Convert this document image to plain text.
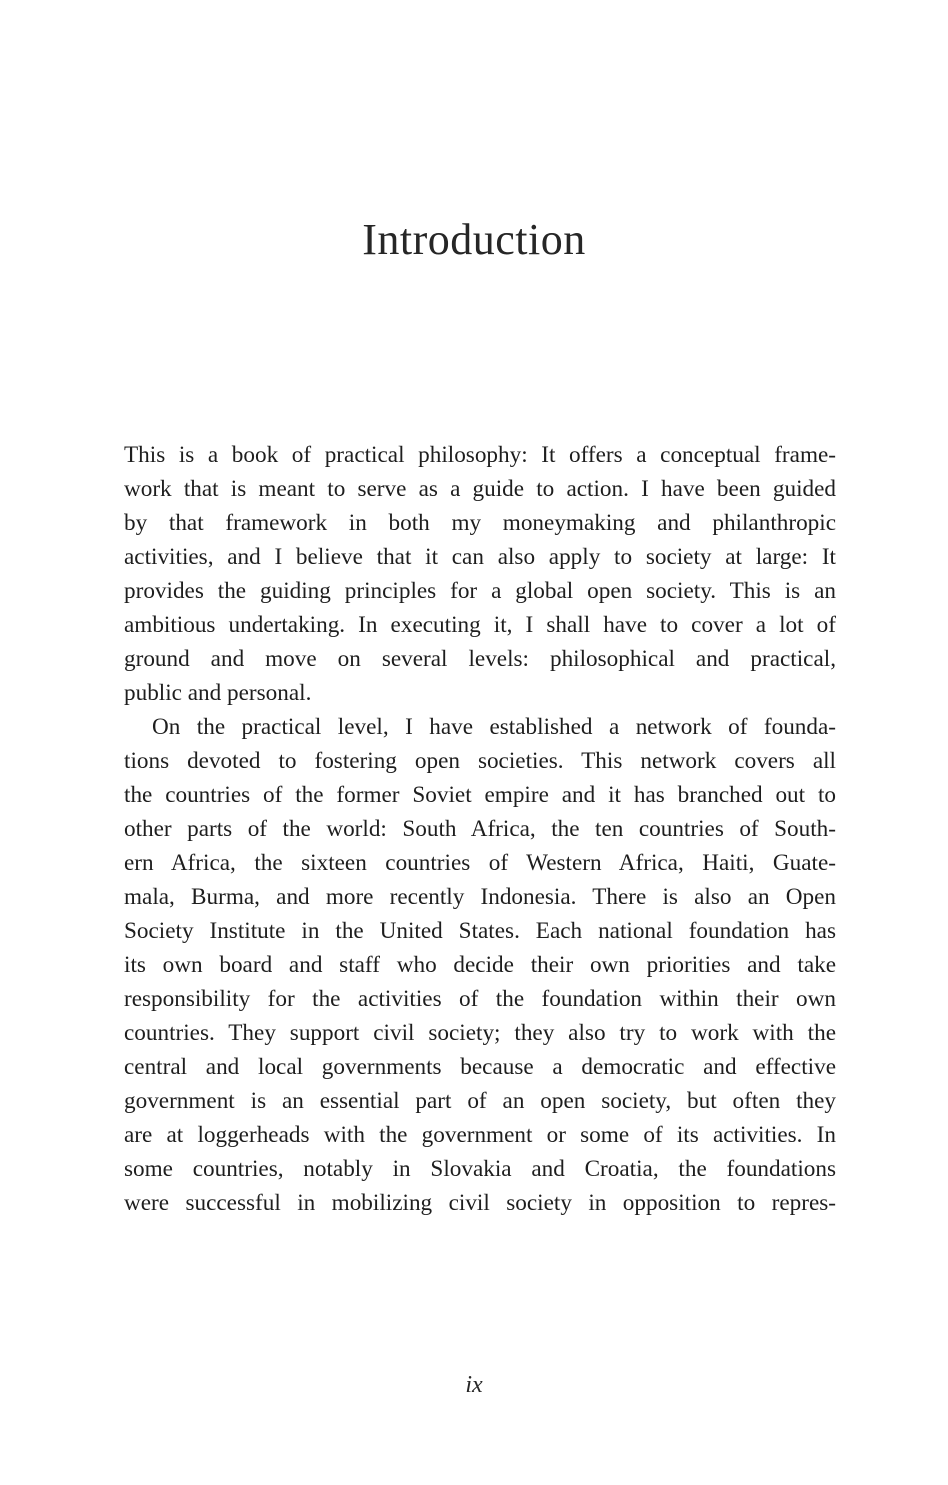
Introduction
This is a book of practical philosophy: It offers a conceptual frame-
work that is meant to serve as a guide to action. I have been guided
by that framework in both my moneymaking and philanthropic
activities, and I believe that it can also apply to society at large: It
provides the guiding principles for a global open society. This is an
ambitious undertaking. In executing it, I shall have to cover a lot of
ground and move on several levels: philosophical and practical,
public and personal.
On the practical level, I have established a network of founda-
tions devoted to fostering open societies. This network covers all
the countries of the former Soviet empire and it has branched out to
other parts of the world: South Africa, the ten countries of South-
ern Africa, the sixteen countries of Western Africa, Haiti, Guate-
mala, Burma, and more recently Indonesia. There is also an Open
Society Institute in the United States. Each national foundation has
its own board and staff who decide their own priorities and take
responsibility for the activities of the foundation within their own
countries. They support civil society; they also try to work with the
central and local governments because a democratic and effective
government is an essential part of an open society, but often they
are at loggerheads with the government or some of its activities. In
some countries, notably in Slovakia and Croatia, the foundations
were successful in mobilizing civil society in opposition to repres-
ix
